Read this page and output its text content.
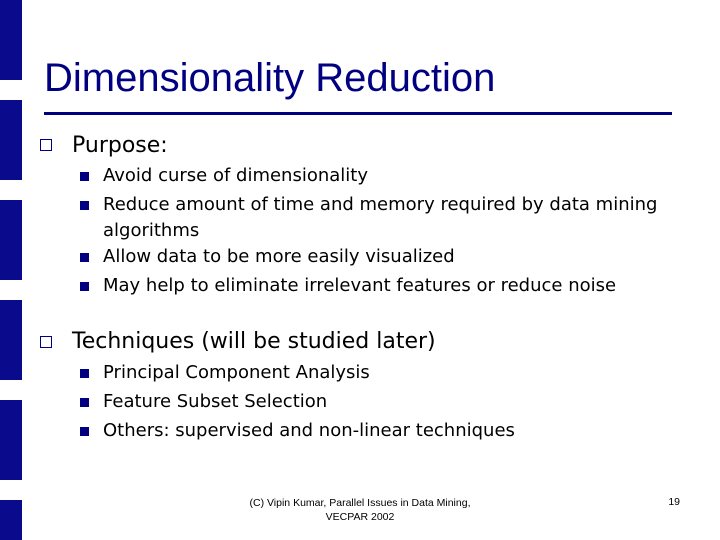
Dimensionality Reduction
Purpose:
Avoid curse of dimensionality
Reduce amount of time and memory required by data mining algorithms
Allow data to be more easily visualized
May help to eliminate irrelevant features or reduce noise
Techniques (will be studied later)
Principal Component Analysis
Feature Subset Selection
Others: supervised and non-linear techniques
(C) Vipin Kumar, Parallel Issues in Data Mining, VECPAR 2002
19
